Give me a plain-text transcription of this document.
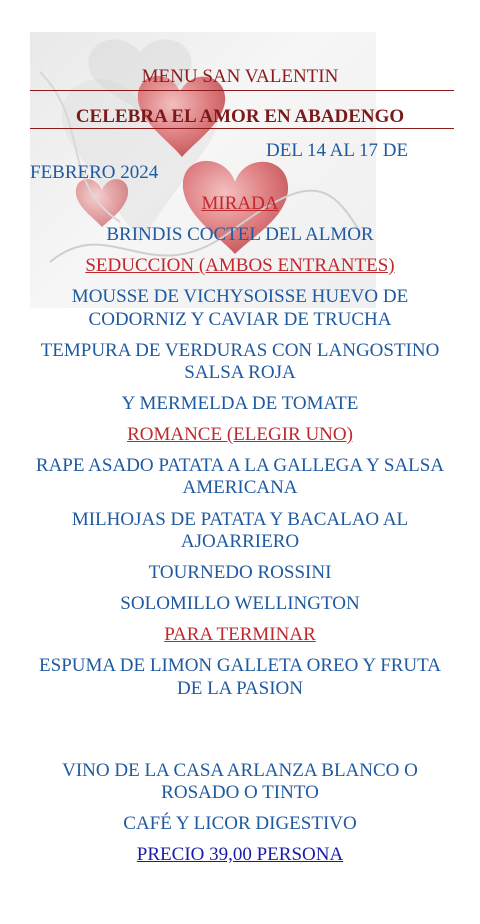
MENU SAN VALENTIN
CELEBRA EL AMOR EN ABADENGO
DEL 14 AL 17 DE
FEBRERO 2024
MIRADA
BRINDIS COCTEL DEL ALMOR
SEDUCCION (AMBOS ENTRANTES)
MOUSSE DE VICHYSOISSE HUEVO DE
CODORNIZ Y CAVIAR DE TRUCHA
TEMPURA DE VERDURAS CON LANGOSTINO
SALSA ROJA
Y MERMELDA DE TOMATE
ROMANCE (ELEGIR UNO)
RAPE ASADO PATATA A LA GALLEGA Y SALSA
AMERICANA
MILHOJAS DE PATATA Y BACALAO AL
AJOARRIERO
TOURNEDO ROSSINI
SOLOMILLO WELLINGTON
PARA TERMINAR
ESPUMA DE LIMON GALLETA OREO Y FRUTA
DE LA PASION
VINO DE LA CASA ARLANZA BLANCO O
ROSADO O TINTO
CAFÉ Y LICOR DIGESTIVO
PRECIO 39,00 PERSONA
